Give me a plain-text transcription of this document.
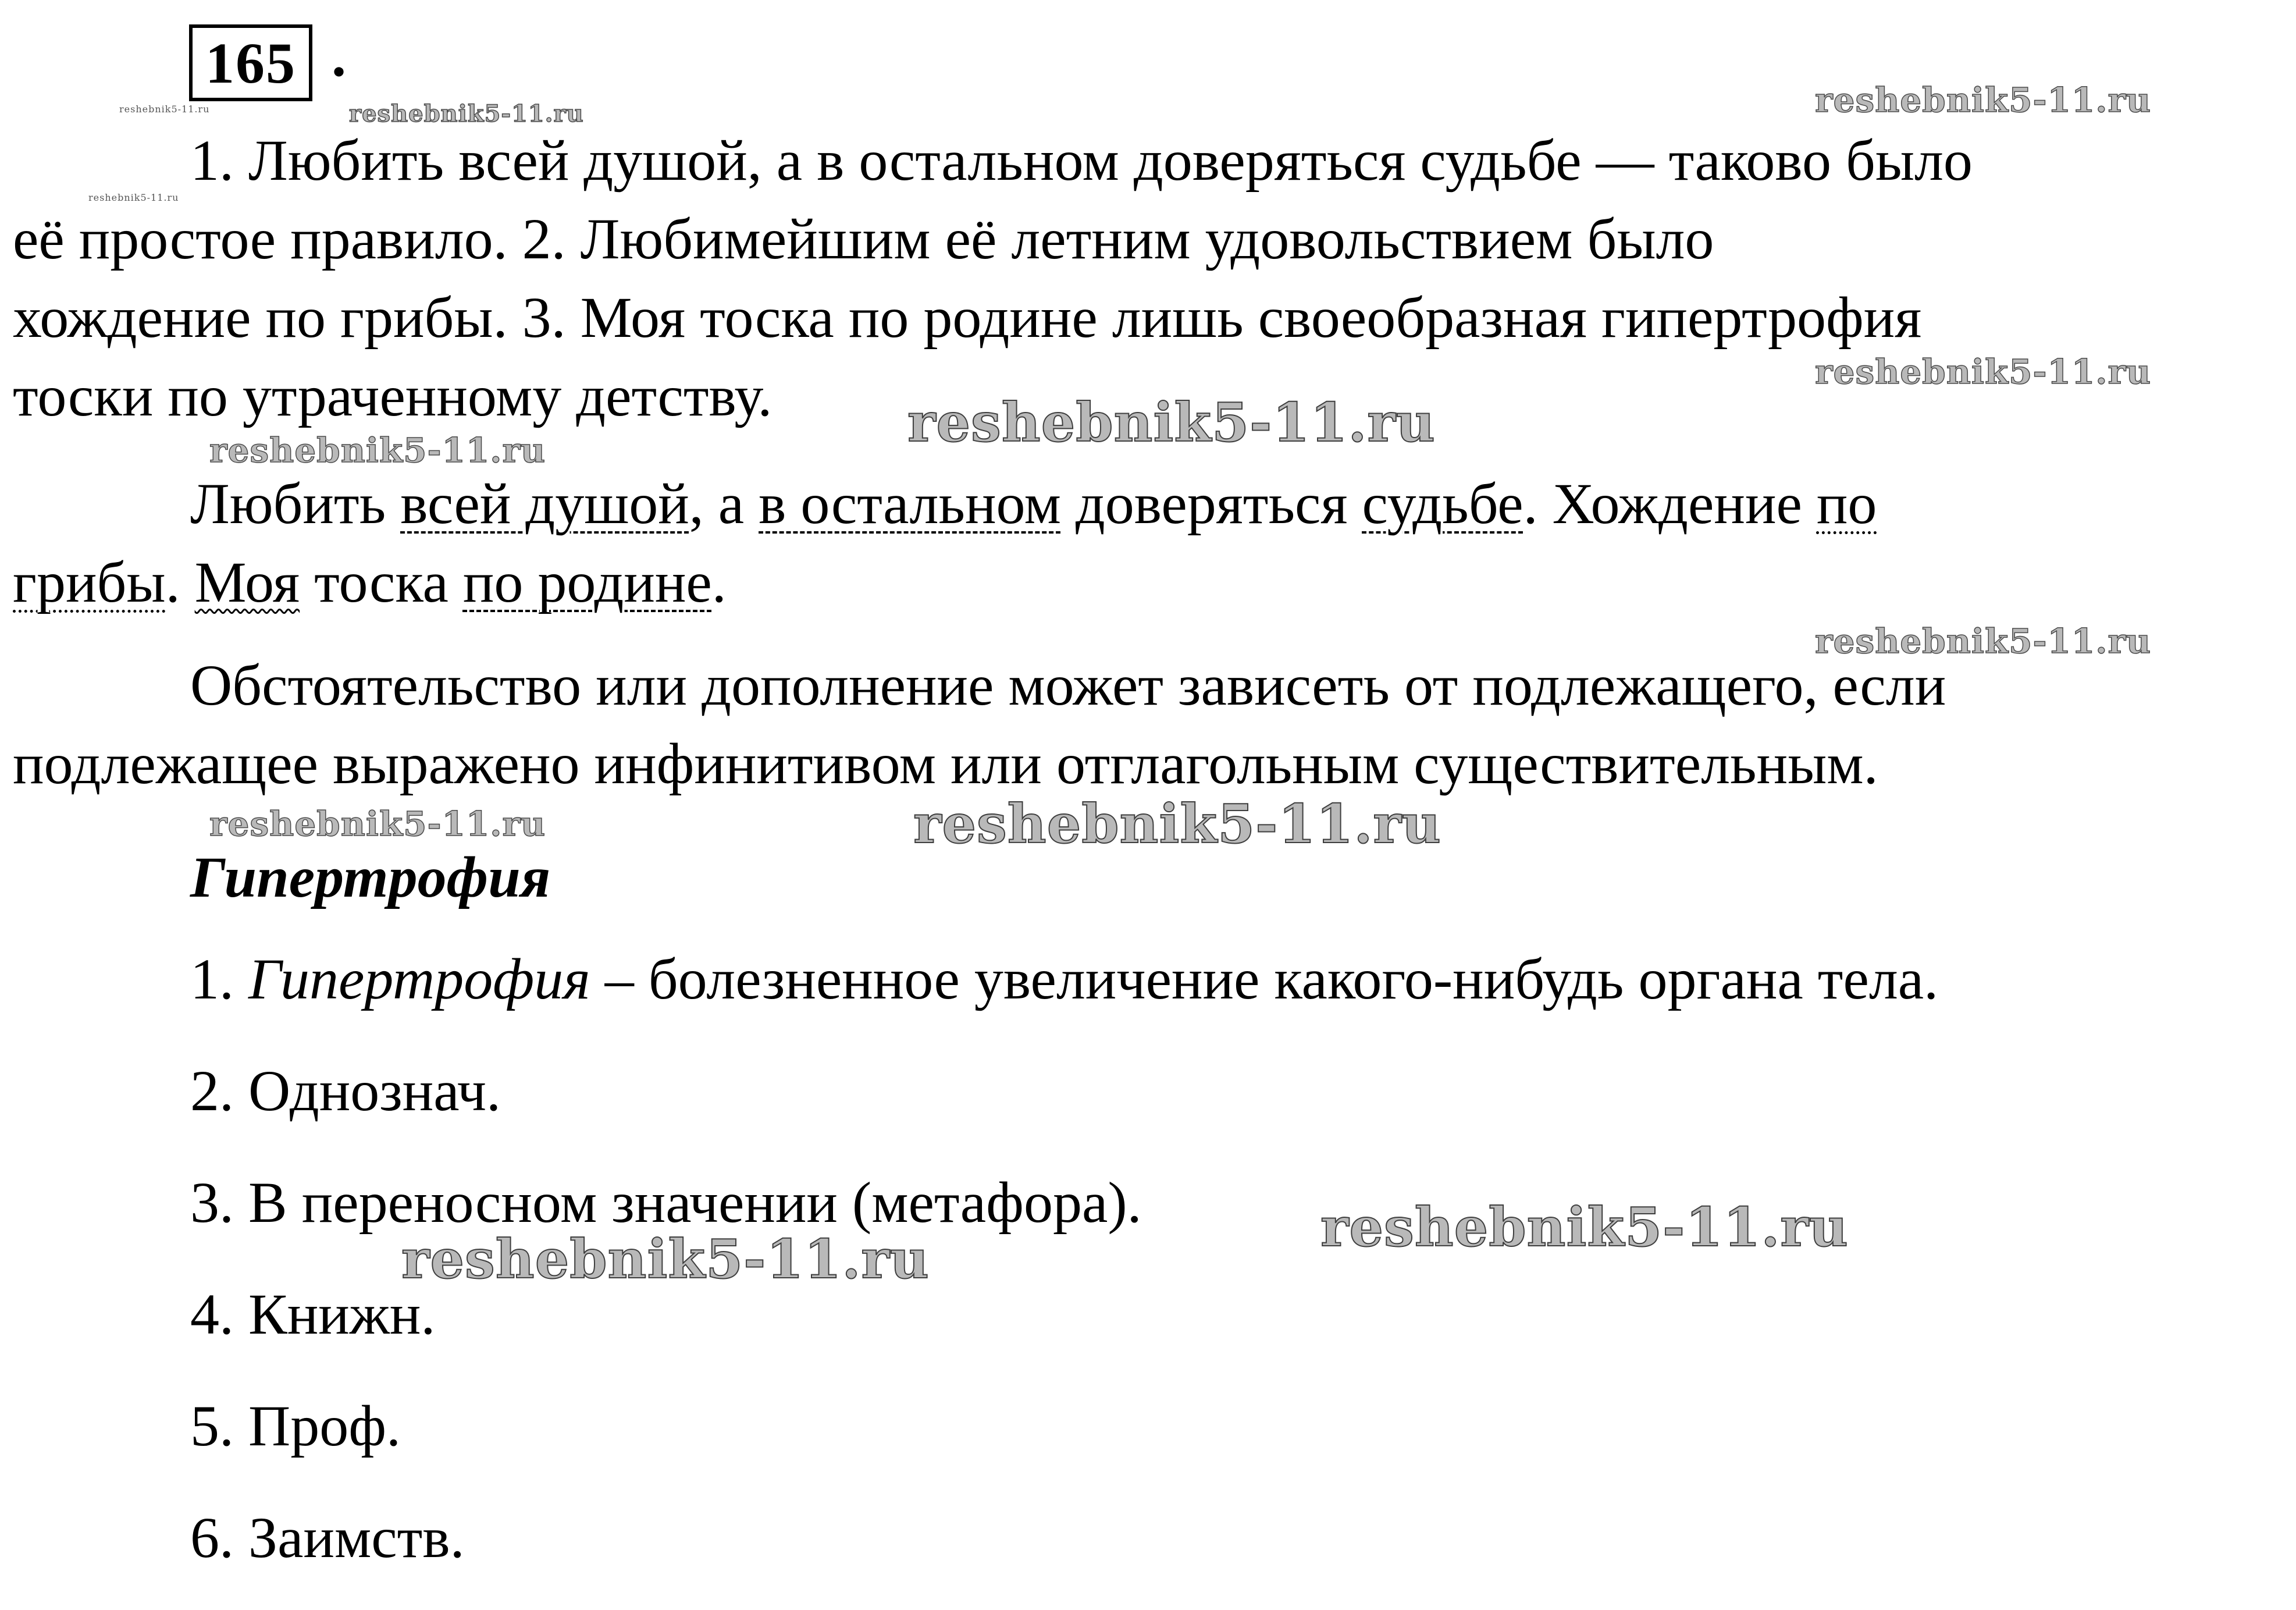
165 .
1. Любить всей душой, а в остальном доверяться судьбе — таково было
её простое правило. 2. Любимейшим её летним удовольствием было
хождение по грибы. 3. Моя тоска по родине лишь своеобразная гипертрофия
тоски по утраченному детству.
Любить всей душой, а в остальном доверяться судьбе. Хождение по
грибы. Моя тоска по родине.
Обстоятельство или дополнение может зависеть от подлежащего, если
подлежащее выражено инфинитивом или отглагольным существительным.
Гипертрофия
1. Гипертрофия – болезненное увеличение какого-нибудь органа тела.
2. Однознач.
3. В переносном значении (метафора).
4. Книжн.
5. Проф.
6. Заимств.
reshebnik5-11.ru
reshebnik5-11.ru
reshebnik5-11.ru	reshebnik5-11.ru
reshebnik5-11.ru
reshebnik5-11.ru
reshebnik5-11.ru
reshebnik5-11.ru
reshebnik5-11.ru	reshebnik5-11.ru
reshebnik5-11.ru
reshebnik5-11.ru
